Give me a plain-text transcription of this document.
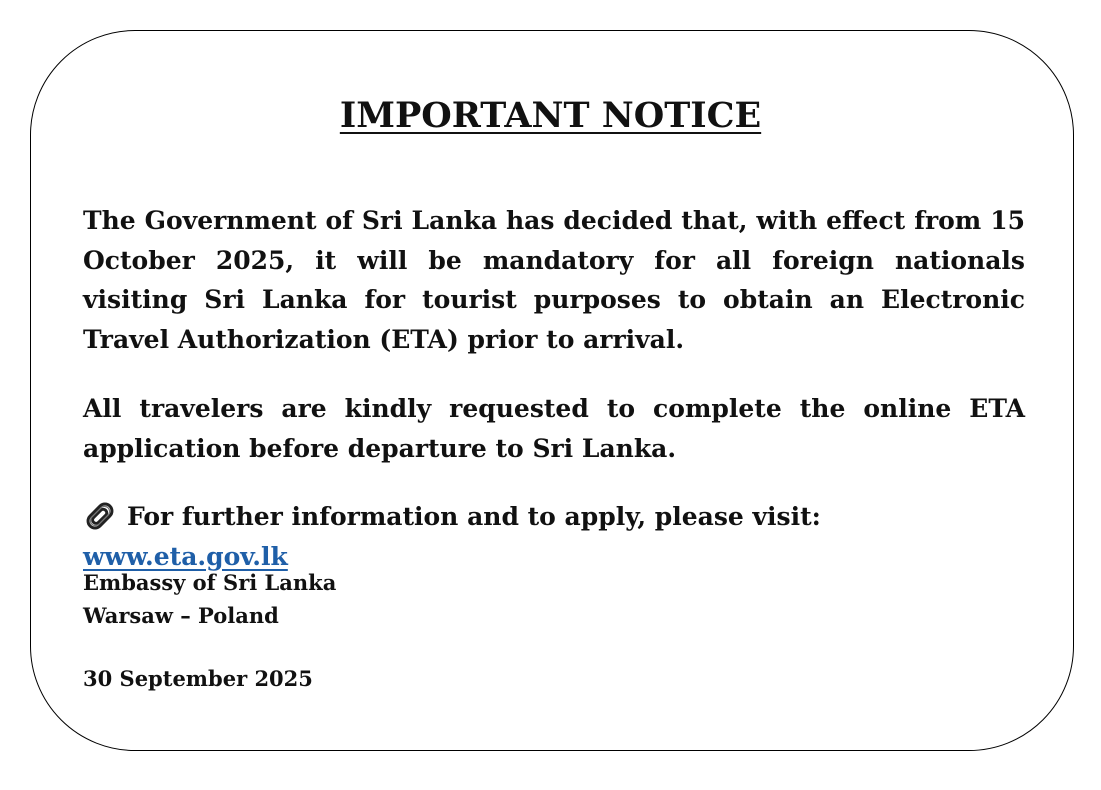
IMPORTANT NOTICE

The Government of Sri Lanka has decided that, with effect from 15 October 2025, it will be mandatory for all foreign nationals visiting Sri Lanka for tourist purposes to obtain an Electronic Travel Authorization (ETA) prior to arrival.

All travelers are kindly requested to complete the online ETA application before departure to Sri Lanka.

For further information and to apply, please visit: www.eta.gov.lk

Embassy of Sri Lanka

Warsaw – Poland

30 September 2025
